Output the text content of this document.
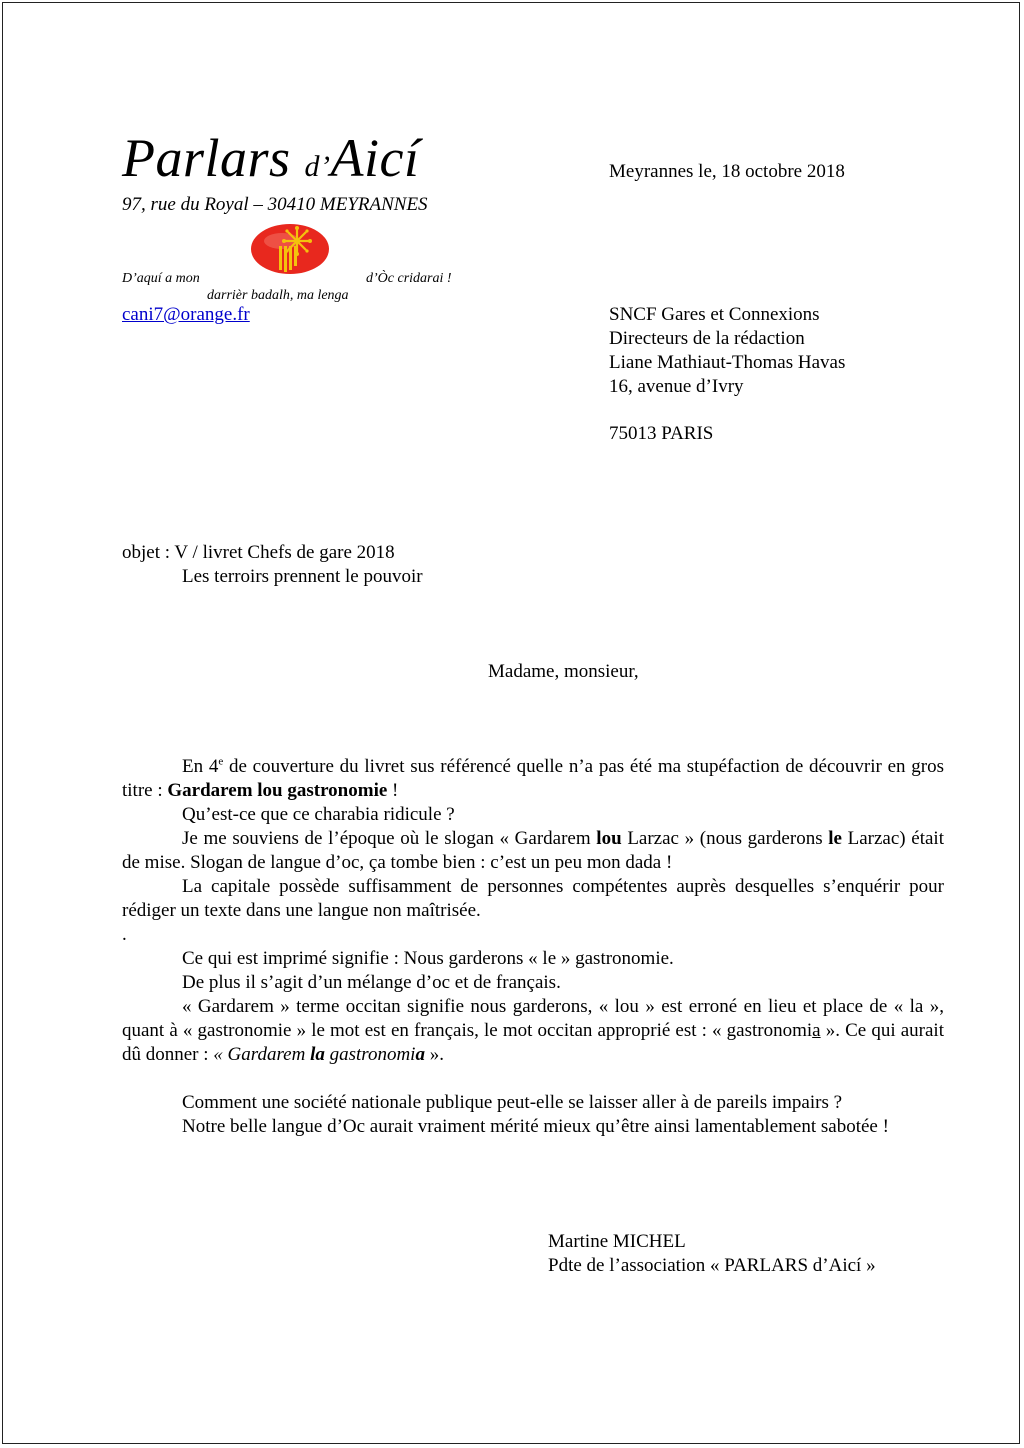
Parlars d’Aicí
97, rue du Royal – 30410 MEYRANNES
D’aquí a mon	d’Òc cridarai !
darrièr badalh, ma lenga
cani7@orange.fr
Meyrannes le, 18 octobre 2018
SNCF Gares et Connexions
Directeurs de la rédaction
Liane Mathiaut-Thomas Havas
16, avenue d’Ivry
75013 PARIS
objet : V / livret Chefs de gare 2018
Les terroirs prennent le pouvoir
Madame, monsieur,

En 4e de couverture du livret sus référencé quelle n’a pas été ma stupéfaction de découvrir en gros titre : Gardarem lou gastronomie !

Qu’est-ce que ce charabia ridicule ?

Je me souviens de l’époque où le slogan « Gardarem lou Larzac » (nous garderons le Larzac) était de mise. Slogan de langue d’oc, ça tombe bien : c’est un peu mon dada !

La capitale possède suffisamment de personnes compétentes auprès desquelles s’enquérir pour rédiger un texte dans une langue non maîtrisée.

.

Ce qui est imprimé signifie : Nous garderons « le » gastronomie.

De plus il s’agit d’un mélange d’oc et de français.

« Gardarem » terme occitan signifie nous garderons, « lou » est erroné en lieu et place de « la », quant à « gastronomie » le mot est en français, le mot occitan approprié est : « gastronomia ». Ce qui aurait dû donner : « Gardarem la gastronomia ».

Comment une société nationale publique peut-elle se laisser aller à de pareils impairs ?

Notre belle langue d’Oc aurait vraiment mérité mieux qu’être ainsi lamentablement sabotée !

Martine MICHEL
Pdte de l’association « PARLARS d’Aicí »
